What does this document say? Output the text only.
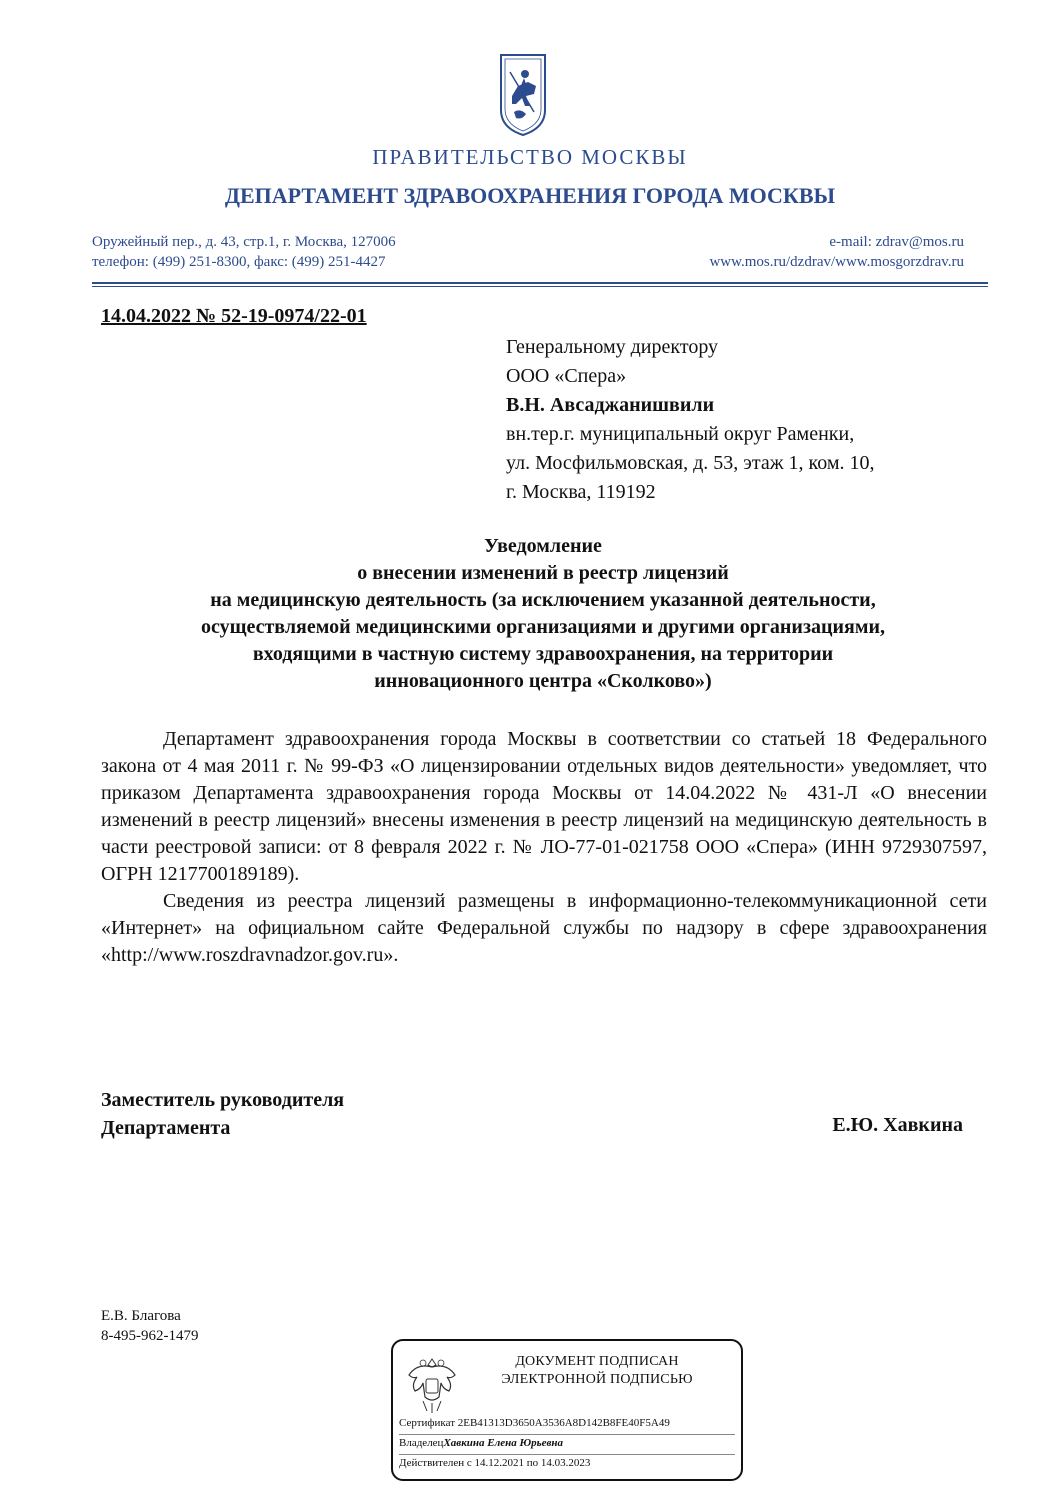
ПРАВИТЕЛЬСТВО МОСКВЫ
ДЕПАРТАМЕНТ ЗДРАВООХРАНЕНИЯ ГОРОДА МОСКВЫ
Оружейный пер., д. 43, стр.1, г. Москва, 127006
телефон: (499) 251-8300, факс: (499) 251-4427
e-mail: zdrav@mos.ru
www.mos.ru/dzdrav/www.mosgorzdrav.ru
14.04.2022 № 52-19-0974/22-01
Генеральному директору
ООО «Спера»
В.Н. Авсаджанишвили
вн.тер.г. муниципальный округ Раменки,
ул. Мосфильмовская, д. 53, этаж 1, ком. 10,
г. Москва, 119192
Уведомление
о внесении изменений в реестр лицензий
на медицинскую деятельность (за исключением указанной деятельности,
осуществляемой медицинскими организациями и другими организациями,
входящими в частную систему здравоохранения, на территории
инновационного центра «Сколково»)

Департамент здравоохранения города Москвы в соответствии со статьей 18 Федерального закона от 4 мая 2011 г. № 99-ФЗ «О лицензировании отдельных видов деятельности» уведомляет, что приказом Департамента здравоохранения города Москвы от 14.04.2022 № 431-Л «О внесении изменений в реестр лицензий» внесены изменения в реестр лицензий на медицинскую деятельность в части реестровой записи: от 8 февраля 2022 г. № ЛО-77-01-021758 ООО «Спера» (ИНН 9729307597, ОГРН 1217700189189).

Сведения из реестра лицензий размещены в информационно-телекоммуникационной сети «Интернет» на официальном сайте Федеральной службы по надзору в сфере здравоохранения «http://www.roszdravnadzor.gov.ru».

Заместитель руководителя
Департамента	Е.Ю. Хавкина
Е.В. Благова
8-495-962-1479
ДОКУМЕНТ ПОДПИСАН
ЭЛЕКТРОННОЙ ПОДПИСЬЮ
Сертификат 2EB41313D3650A3536A8D142B8FE40F5A49
ВладелецХавкина Елена Юрьевна
Действителен с 14.12.2021 по 14.03.2023
